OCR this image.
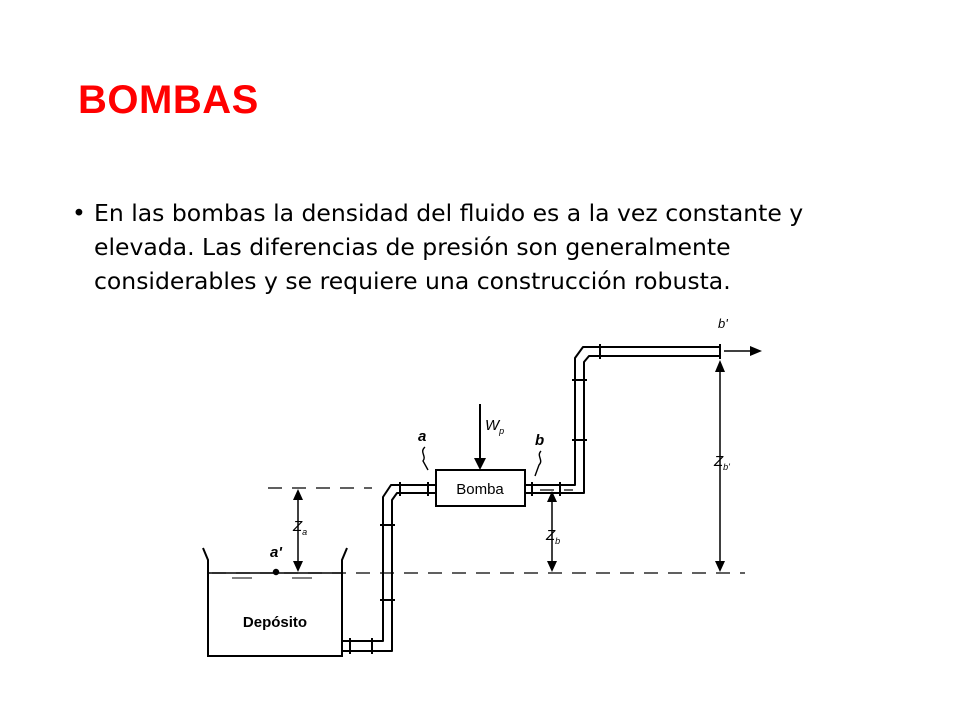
BOMBAS
• En las bombas la densidad del fluido es a la vez constante y elevada. Las diferencias de presión son generalmente considerables y se requiere una construcción robusta.
Bomba
$W_p$
a	b
a'
Depósito
$Z_a$	$Z_b$
$Z_{b'}$
b'
